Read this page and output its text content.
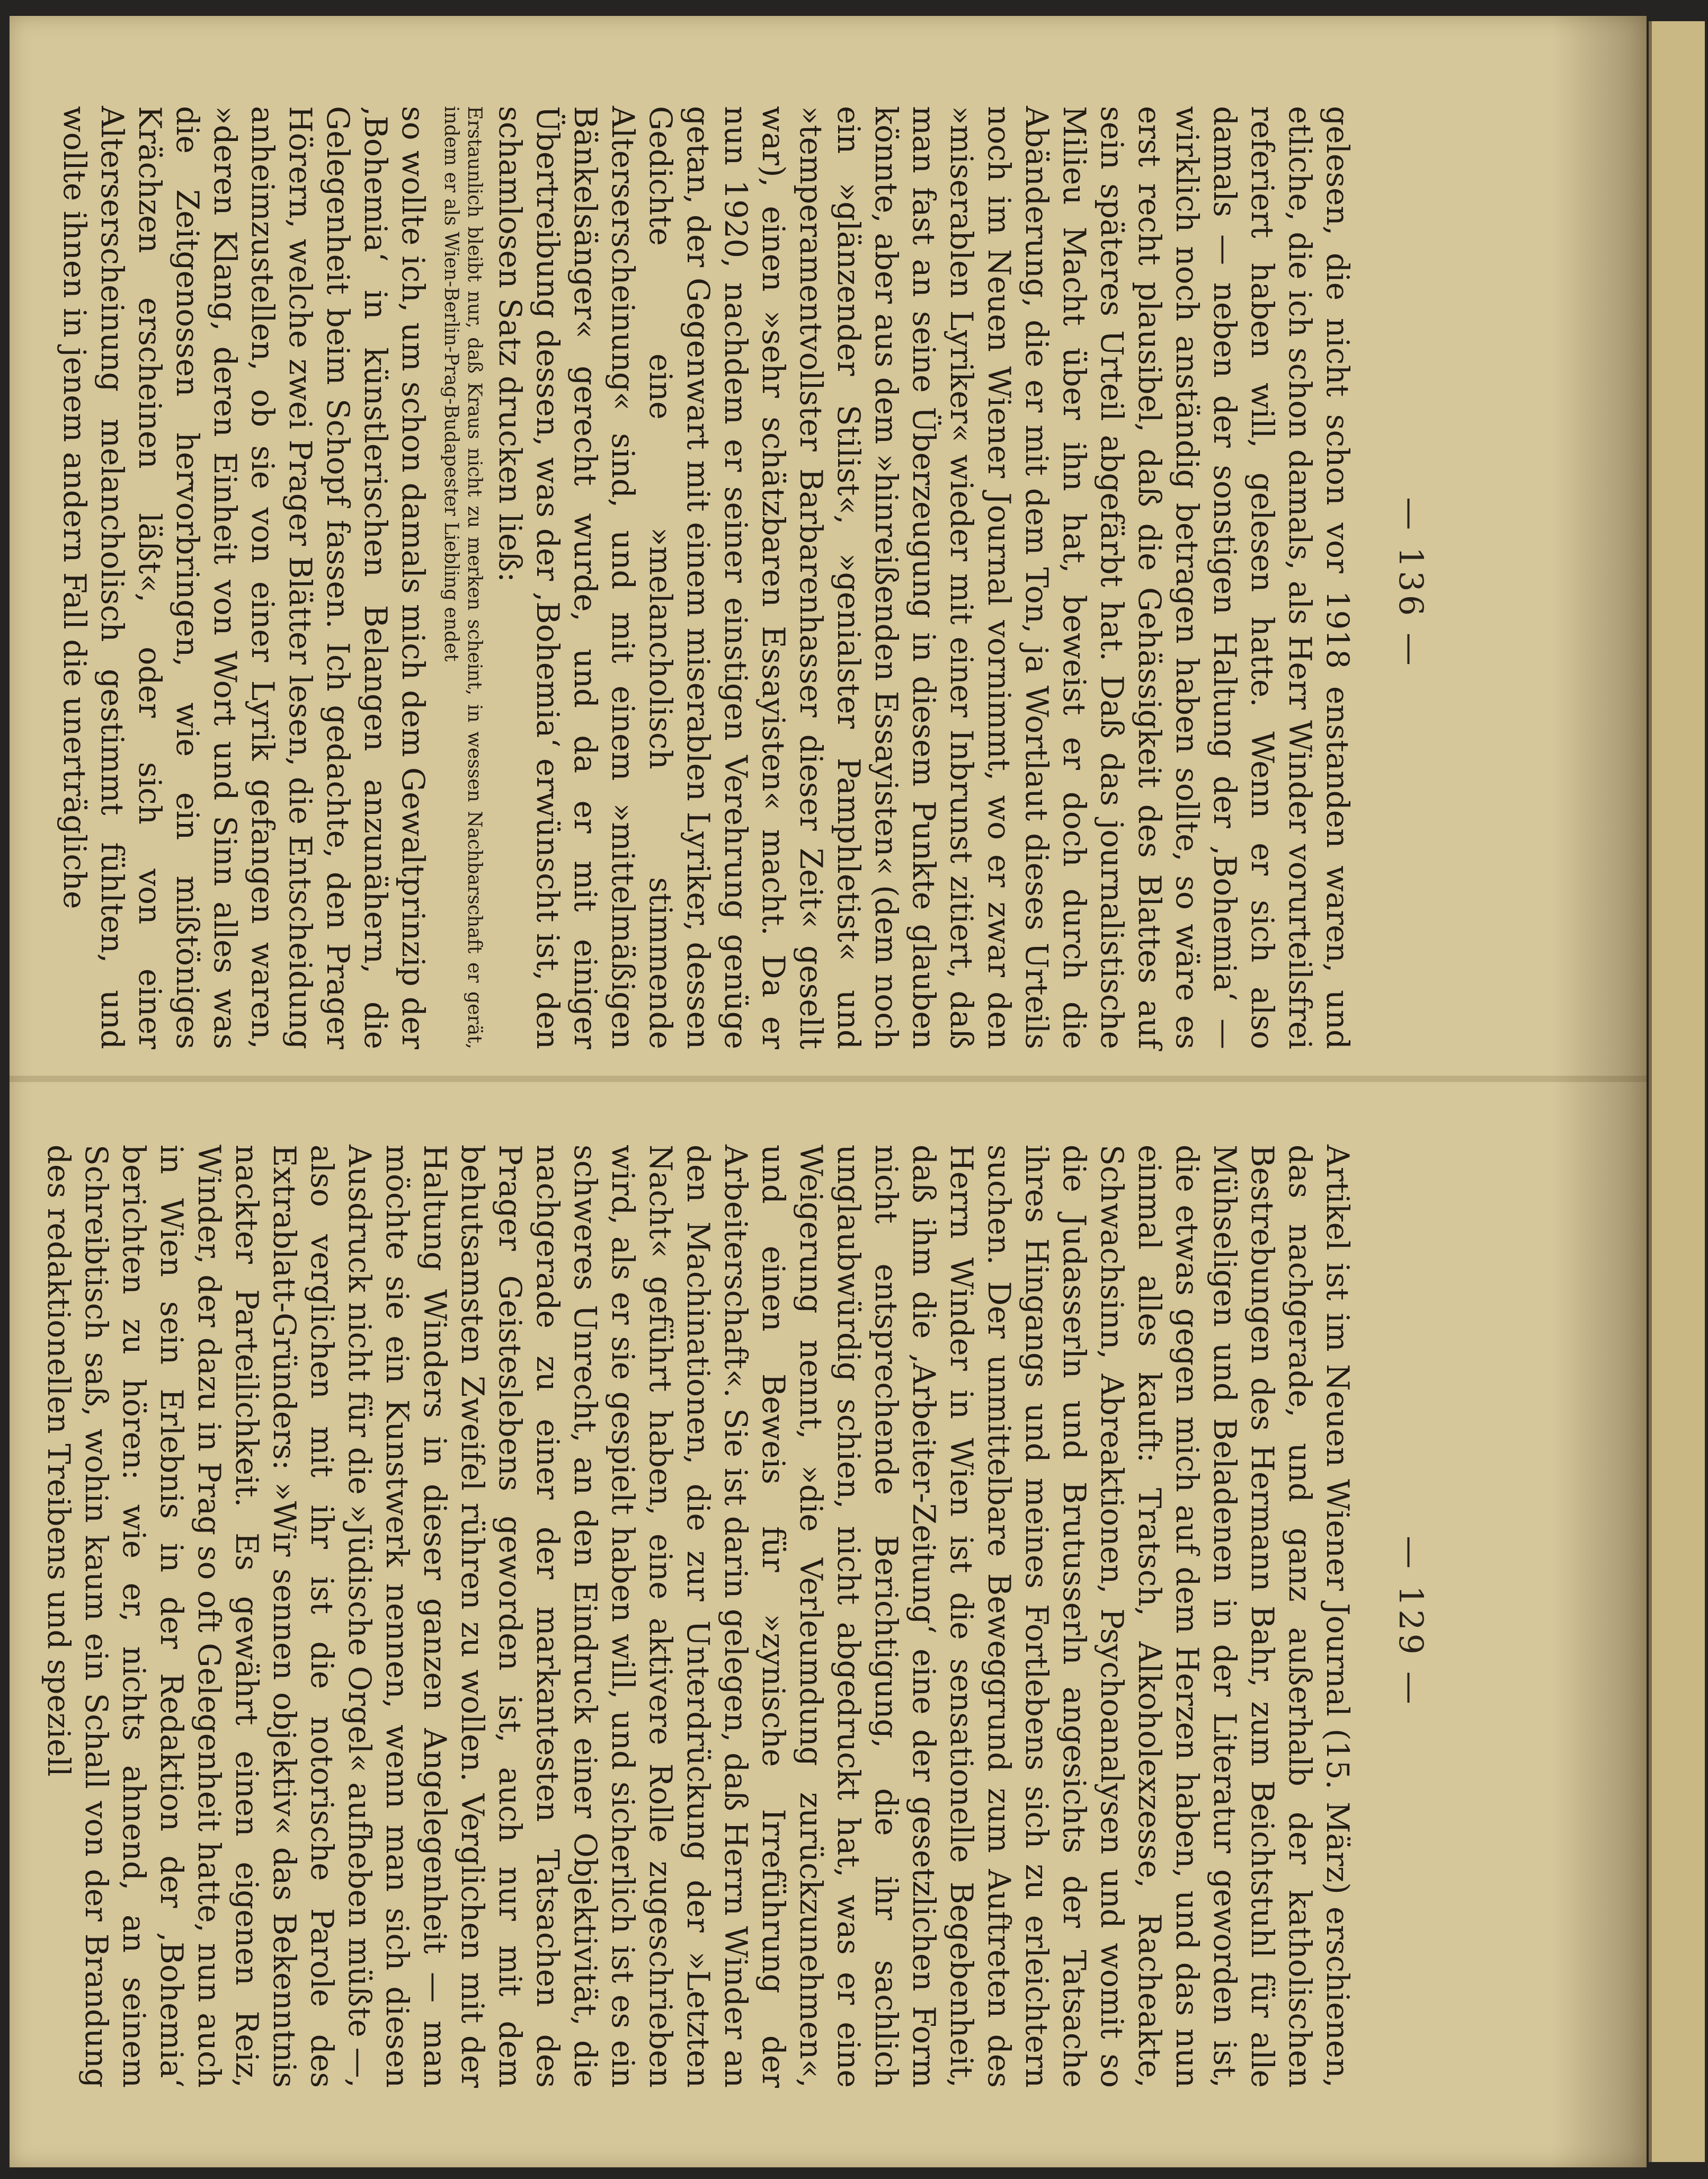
— 136 —

gelesen, die nicht schon vor 1918 enstanden waren, und etliche, die ich schon damals, als Herr Winder vorurteilsfrei referiert haben will, gelesen hatte. Wenn er sich also damals — neben der sonstigen Haltung der ‚Bohemia‘ — wirklich noch anständig betragen haben sollte, so wäre es erst recht plausibel, daß die Gehässigkeit des Blattes auf sein späteres Urteil abgefärbt hat. Daß das journalistische Milieu Macht über ihn hat, beweist er doch durch die Abänderung, die er mit dem Ton, ja Wortlaut dieses Urteils noch im Neuen Wiener Journal vornimmt, wo er zwar den »miserablen Lyriker« wieder mit einer Inbrunst zitiert, daß man fast an seine Überzeugung in diesem Punkte glauben könnte, aber aus dem »hinreißenden Essayisten« (dem noch ein »glänzender Stilist«, »genialster Pamphletist« und »temperamentvollster Barbarenhasser dieser Zeit« gesellt war), einen »sehr schätzbaren Essayisten« macht. Da er nun 1920, nachdem er seiner einstigen Verehrung genüge getan, der Gegenwart mit einem miserablen Lyriker, dessen Gedichte eine »melancholisch stimmende Alterserscheinung« sind, und mit einem »mittelmäßigen Bänkelsänger« gerecht wurde, und da er mit einiger Übertreibung dessen, was der ‚Bohemia‘ erwünscht ist, den schamlosen Satz drucken ließ:

Erstaunlich bleibt nur, daß Kraus nicht zu merken scheint, in wessen Nachbarschaft er gerät, indem er als Wien-Berlin-Prag-Budapester Liebling endet

so wollte ich, um schon damals mich dem Gewaltprinzip der ‚Bohemia‘ in künstlerischen Belangen anzunähern, die Gelegenheit beim Schopf fassen. Ich gedachte, den Prager Hörern, welche zwei Prager Blätter lesen, die Entscheidung anheimzustellen, ob sie von einer Lyrik gefangen waren, »deren Klang, deren Einheit von Wort und Sinn alles was die Zeitgenossen hervorbringen, wie ein mißtöniges Krächzen erscheinen läßt«, oder sich von einer Alterserscheinung melancholisch gestimmt fühlten, und wollte ihnen in jenem andern Fall die unerträgliche

— 129 —

Artikel ist im Neuen Wiener Journal (15. März) erschienen, das nachgerade, und ganz außerhalb der katholischen Bestrebungen des Hermann Bahr, zum Beichtstuhl für alle Mühseligen und Beladenen in der Literatur geworden ist, die etwas gegen mich auf dem Herzen haben, und das nun einmal alles kauft: Tratsch, Alkoholexzesse, Racheakte, Schwachsinn, Abreaktionen, Psychoanalysen und womit so die Judasserln und Brutusserln angesichts der Tatsache ihres Hingangs und meines Fortlebens sich zu erleichtern suchen. Der unmittelbare Beweggrund zum Auftreten des Herrn Winder in Wien ist die sensationelle Begebenheit, daß ihm die ‚Arbeiter-Zeitung‘ eine der gesetzlichen Form nicht entsprechende Berichtigung, die ihr sachlich unglaubwürdig schien, nicht abgedruckt hat, was er eine Weigerung nennt, »die Verleumdung zurückzunehmen«, und einen Beweis für »zynische Irreführung der Arbeiterschaft«. Sie ist darin gelegen, daß Herrn Winder an den Machinationen, die zur Unterdrückung der »Letzten Nacht« geführt haben, eine aktivere Rolle zugeschrieben wird, als er sie gespielt haben will, und sicherlich ist es ein schweres Unrecht, an den Eindruck einer Objektivität, die nachgerade zu einer der markantesten Tatsachen des Prager Geisteslebens geworden ist, auch nur mit dem behutsamsten Zweifel rühren zu wollen. Verglichen mit der Haltung Winders in dieser ganzen Angelegenheit — man möchte sie ein Kunstwerk nennen, wenn man sich diesen Ausdruck nicht für die »Jüdische Orgel« aufheben müßte —, also verglichen mit ihr ist die notorische Parole des Extrablatt-Gründers: »Wir sennen objektiv« das Bekenntnis nackter Parteilichkeit. Es gewährt einen eigenen Reiz, Winder, der dazu in Prag so oft Gelegenheit hatte, nun auch in Wien sein Erlebnis in der Redaktion der ‚Bohemia‘ berichten zu hören: wie er, nichts ahnend, an seinem Schreibtisch saß, wohin kaum ein Schall von der Brandung des redaktionellen Treibens und speziell
